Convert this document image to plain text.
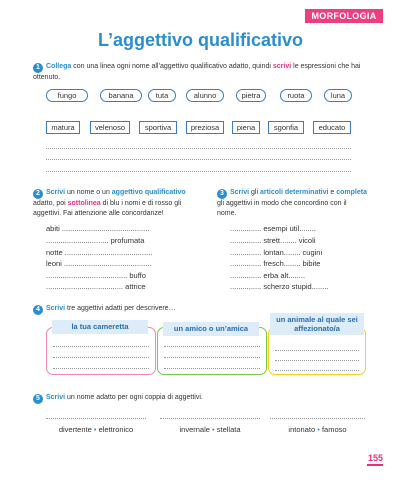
MORFOLOGIA
L’aggettivo qualificativo
1 Collega con una linea ogni nome all’aggettivo qualificativo adatto, quindi scrivi le espressioni che hai ottenuto.
fungo	banana	tuta	alunno	pietra	ruota	luna
matura	velenoso	sportiva	preziosa	piena	sgonfia	educato
2 Scrivi un nome o un aggettivo qualificativo adatto, poi sottolinea di blu i nomi e di rosso gli aggettivi. Fai attenzione alle concordanze!
abiti ..........................................
.............................. profumata
notte ..........................................
leoni ..........................................
....................................... buffo
..................................... attrice
3 Scrivi gli articoli determinativi e completa gli aggettivi in modo che concordino con il nome.
............... esempi util........
............... strett........ vicoli
............... lontan........ cugini
............... fresch........ bibite
............... erba alt........
............... scherzo stupid........
4 Scrivi tre aggettivi adatti per descrivere…
la tua cameretta	un amico o un’amica
un animale al quale sei affezionato/a
5 Scrivi un nome adatto per ogni coppia di aggettivi.
divertente • elettronico	invernale • stellata	intonato • famoso
155
